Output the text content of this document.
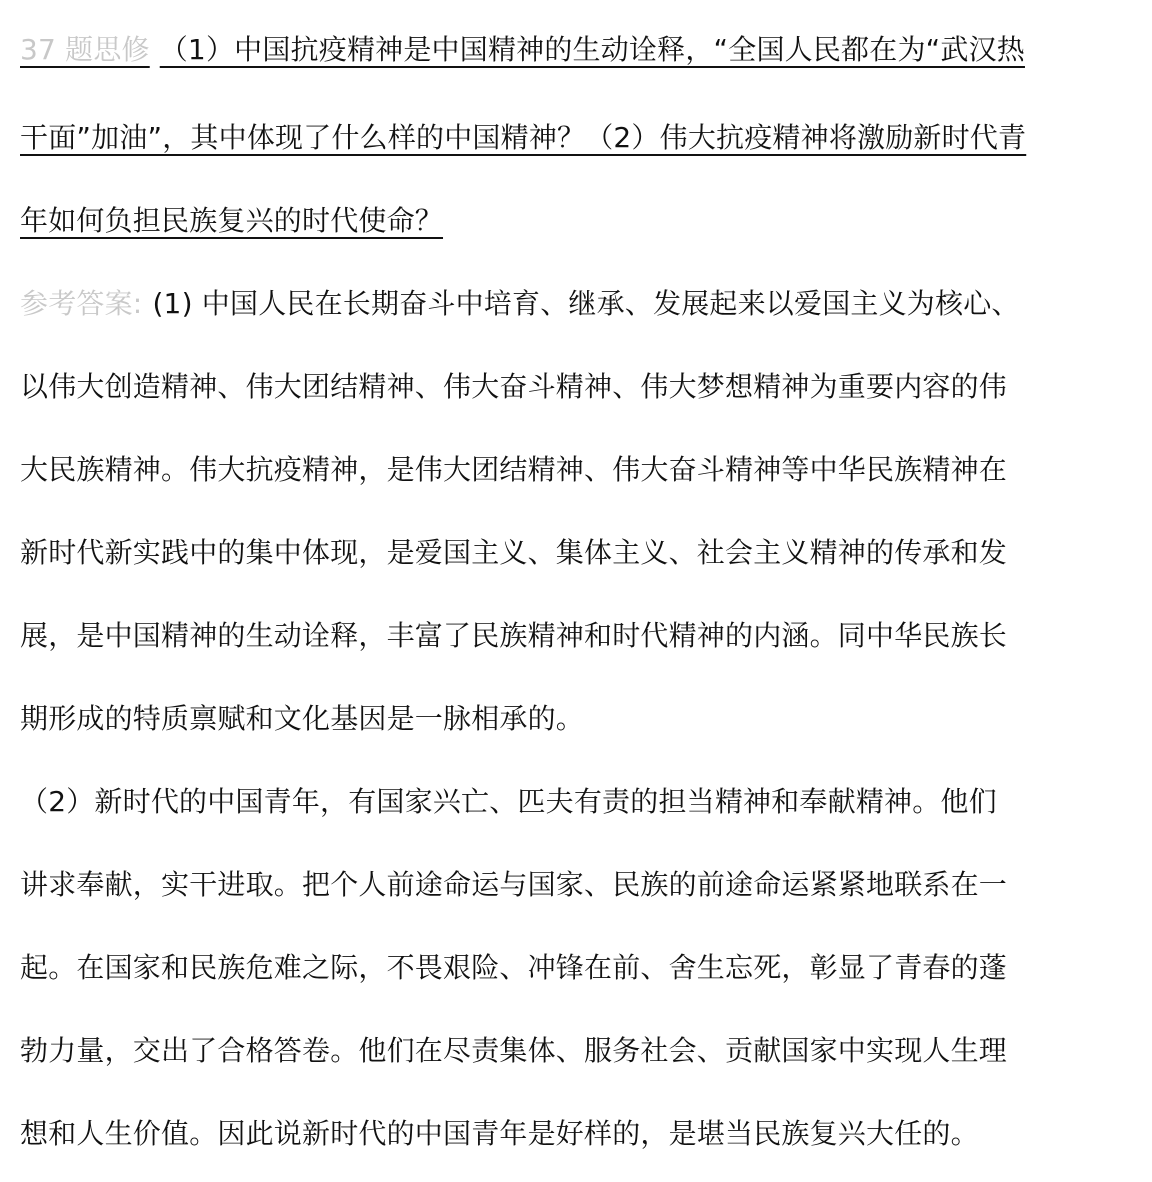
37 题思修 （1）中国抗疫精神是中国精神的生动诠释，“全国人民都在为“武汉热
干面”加油”，其中体现了什么样的中国精神？（2）伟大抗疫精神将激励新时代青
年如何负担民族复兴的时代使命？
参考答案: (1) 中国人民在长期奋斗中培育、继承、发展起来以爱国主义为核心、
以伟大创造精神、伟大团结精神、伟大奋斗精神、伟大梦想精神为重要内容的伟
大民族精神。伟大抗疫精神，是伟大团结精神、伟大奋斗精神等中华民族精神在
新时代新实践中的集中体现，是爱国主义、集体主义、社会主义精神的传承和发
展，是中国精神的生动诠释，丰富了民族精神和时代精神的内涵。同中华民族长
期形成的特质禀赋和文化基因是一脉相承的。
（2）新时代的中国青年，有国家兴亡、匹夫有责的担当精神和奉献精神。他们
讲求奉献，实干进取。把个人前途命运与国家、民族的前途命运紧紧地联系在一
起。在国家和民族危难之际，不畏艰险、冲锋在前、舍生忘死，彰显了青春的蓬
勃力量，交出了合格答卷。他们在尽责集体、服务社会、贡献国家中实现人生理
想和人生价值。因此说新时代的中国青年是好样的，是堪当民族复兴大任的。
